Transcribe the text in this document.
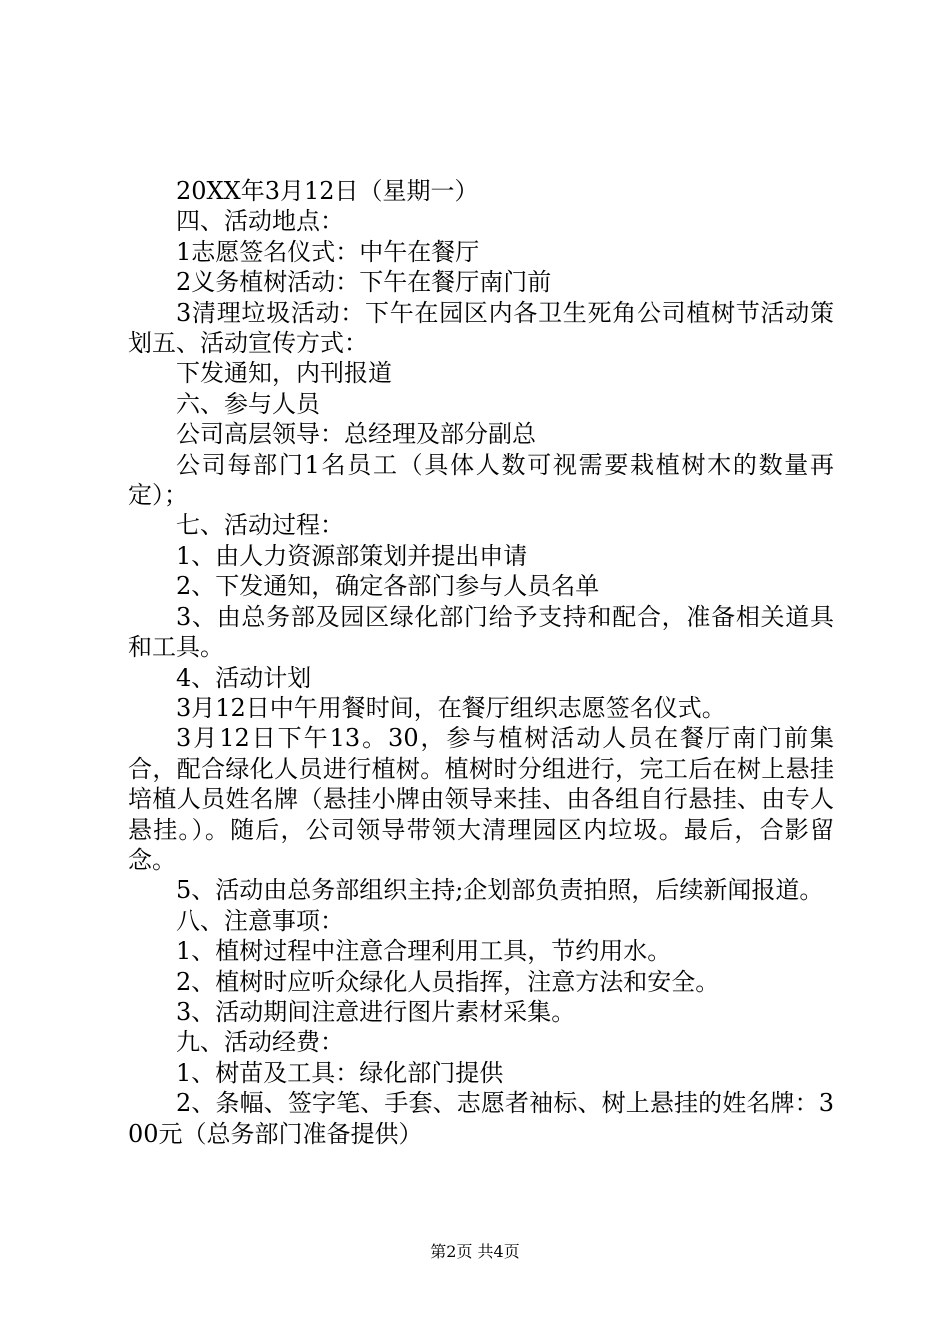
20XX年3月12日（星期一）

四、活动地点：

1志愿签名仪式：中午在餐厅

2义务植树活动：下午在餐厅南门前

3清理垃圾活动：下午在园区内各卫生死角公司植树节活动策划五、活动宣传方式：

下发通知，内刊报道

六、参与人员

公司高层领导：总经理及部分副总

公司每部门1名员工（具体人数可视需要栽植树木的数量再定）；

七、活动过程：

1、由人力资源部策划并提出申请

2、下发通知，确定各部门参与人员名单

3、由总务部及园区绿化部门给予支持和配合，准备相关道具和工具。

4、活动计划

3月12日中午用餐时间，在餐厅组织志愿签名仪式。

3月12日下午13。30，参与植树活动人员在餐厅南门前集合，配合绿化人员进行植树。植树时分组进行，完工后在树上悬挂培植人员姓名牌（悬挂小牌由领导来挂、由各组自行悬挂、由专人悬挂。）。随后，公司领导带领大清理园区内垃圾。最后，合影留念。

5、活动由总务部组织主持;企划部负责拍照，后续新闻报道。

八、注意事项：

1、植树过程中注意合理利用工具，节约用水。

2、植树时应听众绿化人员指挥，注意方法和安全。

3、活动期间注意进行图片素材采集。

九、活动经费：

1、树苗及工具：绿化部门提供

2、条幅、签字笔、手套、志愿者袖标、树上悬挂的姓名牌：300元（总务部门准备提供）

第2页 共4页
